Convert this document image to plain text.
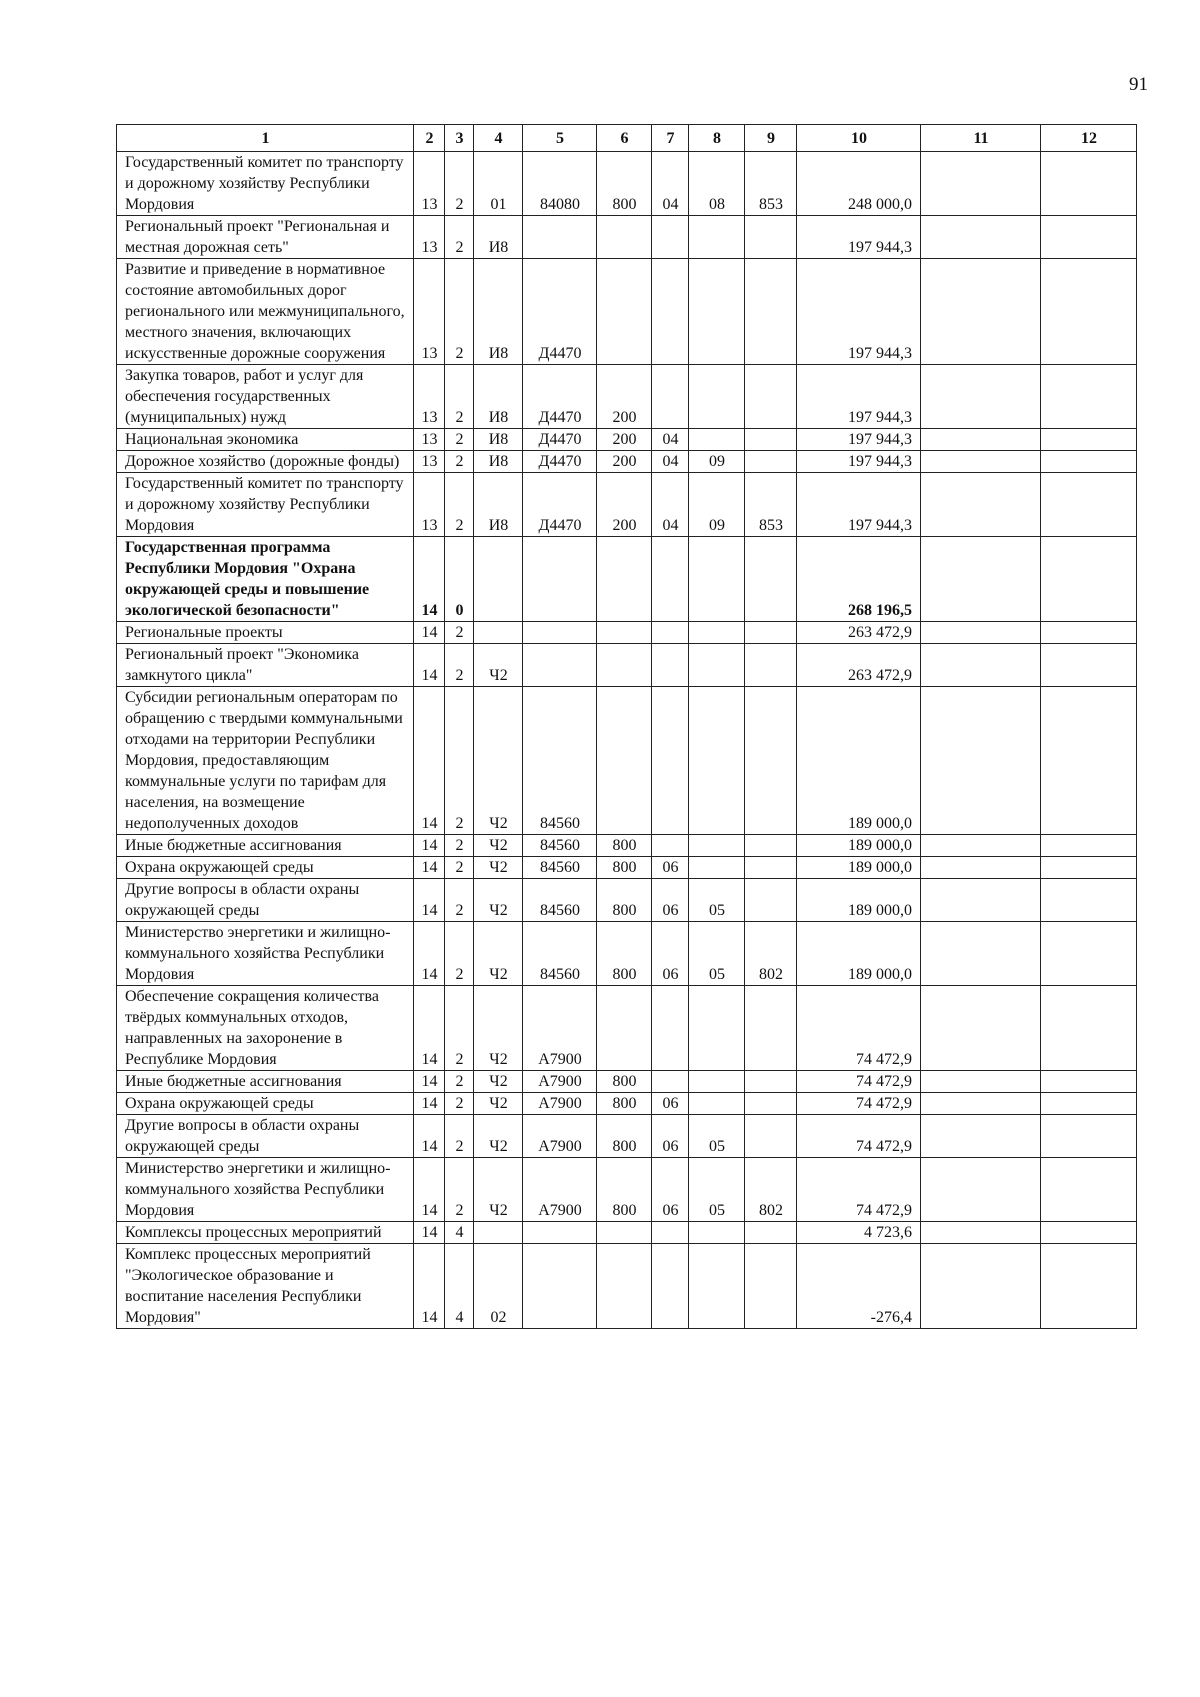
91
1	2	3	4	5	6	7	8	9	10	11	12
Государственный комитет по транспорту и дорожному хозяйству Республики Мордовия	13	2	01	84080	800	04	08	853	248 000,0		
Региональный проект "Региональная и местная дорожная сеть"	13	2	И8						197 944,3		
Развитие и приведение в нормативное состояние автомобильных дорог регионального или межмуниципального, местного значения, включающих искусственные дорожные сооружения	13	2	И8	Д4470					197 944,3		
Закупка товаров, работ и услуг для обеспечения государственных (муниципальных) нужд	13	2	И8	Д4470	200				197 944,3		
Национальная экономика	13	2	И8	Д4470	200	04			197 944,3		
Дорожное хозяйство (дорожные фонды)	13	2	И8	Д4470	200	04	09		197 944,3		
Государственный комитет по транспорту и дорожному хозяйству Республики Мордовия	13	2	И8	Д4470	200	04	09	853	197 944,3		
Государственная программа Республики Мордовия "Охрана окружающей среды и повышение экологической безопасности"	14	0							268 196,5		
Региональные проекты	14	2							263 472,9		
Региональный проект "Экономика замкнутого цикла"	14	2	Ч2						263 472,9		
Субсидии региональным операторам по обращению с твердыми коммунальными отходами на территории Республики Мордовия, предоставляющим коммунальные услуги по тарифам для населения, на возмещение недополученных доходов	14	2	Ч2	84560					189 000,0		
Иные бюджетные ассигнования	14	2	Ч2	84560	800				189 000,0		
Охрана окружающей среды	14	2	Ч2	84560	800	06			189 000,0		
Другие вопросы в области охраны окружающей среды	14	2	Ч2	84560	800	06	05		189 000,0		
Министерство энергетики и жилищно-коммунального хозяйства Республики Мордовия	14	2	Ч2	84560	800	06	05	802	189 000,0		
Обеспечение сокращения количества твёрдых коммунальных отходов, направленных на захоронение в Республике Мордовия	14	2	Ч2	А7900					74 472,9		
Иные бюджетные ассигнования	14	2	Ч2	А7900	800				74 472,9		
Охрана окружающей среды	14	2	Ч2	А7900	800	06			74 472,9		
Другие вопросы в области охраны окружающей среды	14	2	Ч2	А7900	800	06	05		74 472,9		
Министерство энергетики и жилищно-коммунального хозяйства Республики Мордовия	14	2	Ч2	А7900	800	06	05	802	74 472,9		
Комплексы процессных мероприятий	14	4							4 723,6		
Комплекс процессных мероприятий "Экологическое образование и воспитание населения Республики Мордовия"	14	4	02						-276,4		
